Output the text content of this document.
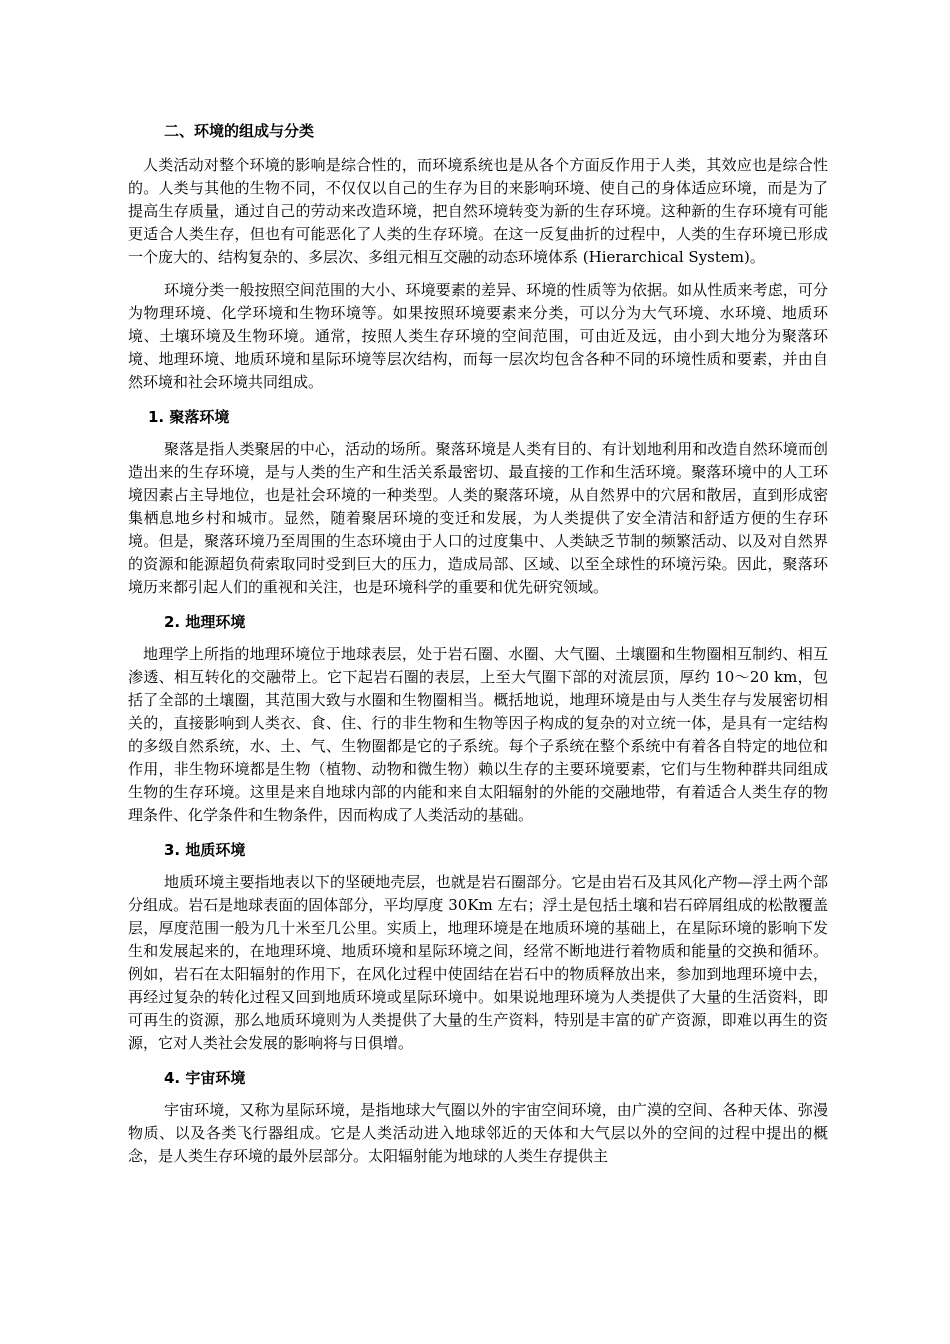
二、环境的组成与分类

人类活动对整个环境的影响是综合性的，而环境系统也是从各个方面反作用于人类，其效应也是综合性的。人类与其他的生物不同，不仅仅以自己的生存为目的来影响环境、使自己的身体适应环境，而是为了提高生存质量，通过自己的劳动来改造环境，把自然环境转变为新的生存环境。这种新的生存环境有可能更适合人类生存，但也有可能恶化了人类的生存环境。在这一反复曲折的过程中，人类的生存环境已形成一个庞大的、结构复杂的、多层次、多组元相互交融的动态环境体系 (Hierarchical System)。

环境分类一般按照空间范围的大小、环境要素的差异、环境的性质等为依据。如从性质来考虑，可分为物理环境、化学环境和生物环境等。如果按照环境要素来分类，可以分为大气环境、水环境、地质环境、土壤环境及生物环境。通常，按照人类生存环境的空间范围，可由近及远，由小到大地分为聚落环境、地理环境、地质环境和星际环境等层次结构，而每一层次均包含各种不同的环境性质和要素，并由自然环境和社会环境共同组成。

1. 聚落环境

聚落是指人类聚居的中心，活动的场所。聚落环境是人类有目的、有计划地利用和改造自然环境而创造出来的生存环境，是与人类的生产和生活关系最密切、最直接的工作和生活环境。聚落环境中的人工环境因素占主导地位，也是社会环境的一种类型。人类的聚落环境，从自然界中的穴居和散居，直到形成密集栖息地乡村和城市。显然，随着聚居环境的变迁和发展，为人类提供了安全清洁和舒适方便的生存环境。但是，聚落环境乃至周围的生态环境由于人口的过度集中、人类缺乏节制的频繁活动、以及对自然界的资源和能源超负荷索取同时受到巨大的压力，造成局部、区域、以至全球性的环境污染。因此，聚落环境历来都引起人们的重视和关注，也是环境科学的重要和优先研究领域。

2. 地理环境

地理学上所指的地理环境位于地球表层，处于岩石圈、水圈、大气圈、土壤圈和生物圈相互制约、相互渗透、相互转化的交融带上。它下起岩石圈的表层，上至大气圈下部的对流层顶，厚约 10～20 km，包括了全部的土壤圈，其范围大致与水圈和生物圈相当。概括地说，地理环境是由与人类生存与发展密切相关的，直接影响到人类衣、食、住、行的非生物和生物等因子构成的复杂的对立统一体，是具有一定结构的多级自然系统，水、土、气、生物圈都是它的子系统。每个子系统在整个系统中有着各自特定的地位和作用，非生物环境都是生物（植物、动物和微生物）赖以生存的主要环境要素，它们与生物种群共同组成生物的生存环境。这里是来自地球内部的内能和来自太阳辐射的外能的交融地带，有着适合人类生存的物理条件、化学条件和生物条件，因而构成了人类活动的基础。

3. 地质环境

地质环境主要指地表以下的坚硬地壳层，也就是岩石圈部分。它是由岩石及其风化产物—浮土两个部分组成。岩石是地球表面的固体部分，平均厚度 30Km 左右；浮土是包括土壤和岩石碎屑组成的松散覆盖层，厚度范围一般为几十米至几公里。实质上，地理环境是在地质环境的基础上，在星际环境的影响下发生和发展起来的，在地理环境、地质环境和星际环境之间，经常不断地进行着物质和能量的交换和循环。例如，岩石在太阳辐射的作用下，在风化过程中使固结在岩石中的物质释放出来，参加到地理环境中去，再经过复杂的转化过程又回到地质环境或星际环境中。如果说地理环境为人类提供了大量的生活资料，即可再生的资源，那么地质环境则为人类提供了大量的生产资料，特别是丰富的矿产资源，即难以再生的资源，它对人类社会发展的影响将与日俱增。

4. 宇宙环境

宇宙环境，又称为星际环境，是指地球大气圈以外的宇宙空间环境，由广漠的空间、各种天体、弥漫物质、以及各类飞行器组成。它是人类活动进入地球邻近的天体和大气层以外的空间的过程中提出的概念，是人类生存环境的最外层部分。太阳辐射能为地球的人类生存提供主
